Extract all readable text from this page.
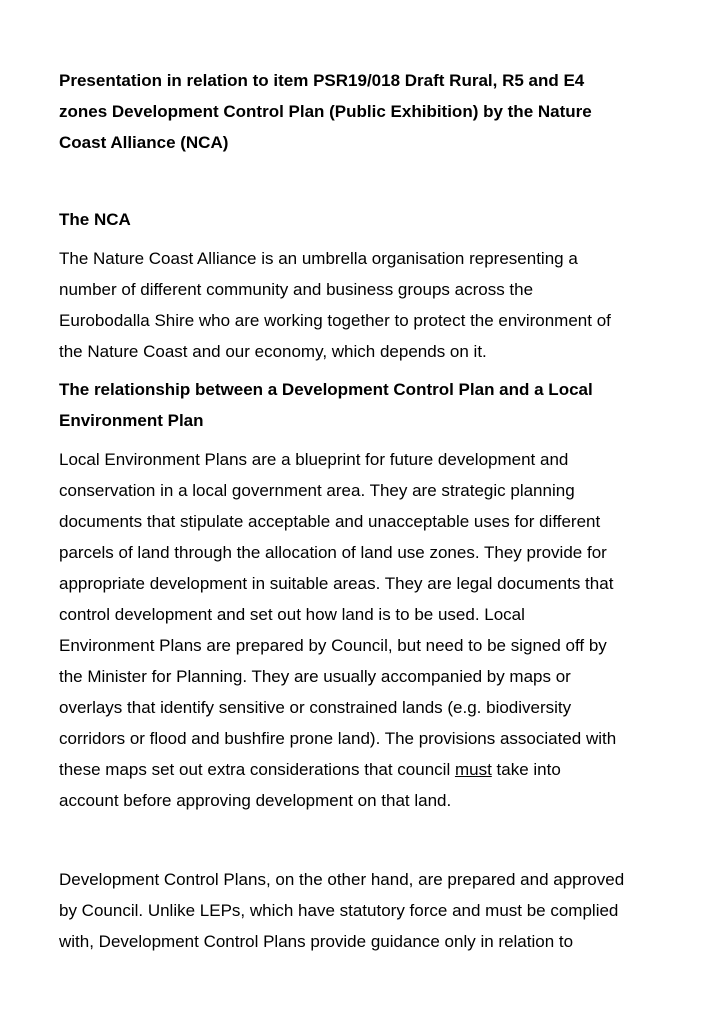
Presentation in relation to item PSR19/018 Draft Rural, R5 and E4
zones Development Control Plan (Public Exhibition) by the Nature
Coast Alliance (NCA)
The NCA
The Nature Coast Alliance is an umbrella organisation representing a
number of different community and business groups across the
Eurobodalla Shire who are working together to protect the environment of
the Nature Coast and our economy, which depends on it.
The relationship between a Development Control Plan and a Local
Environment Plan
Local Environment Plans are a blueprint for future development and
conservation in a local government area. They are strategic planning
documents that stipulate acceptable and unacceptable uses for different
parcels of land through the allocation of land use zones. They provide for
appropriate development in suitable areas. They are legal documents that
control development and set out how land is to be used. Local
Environment Plans are prepared by Council, but need to be signed off by
the Minister for Planning. They are usually accompanied by maps or
overlays that identify sensitive or constrained lands (e.g. biodiversity
corridors or flood and bushfire prone land). The provisions associated with
these maps set out extra considerations that council must take into
account before approving development on that land.
Development Control Plans, on the other hand, are prepared and approved
by Council. Unlike LEPs, which have statutory force and must be complied
with, Development Control Plans provide guidance only in relation to
